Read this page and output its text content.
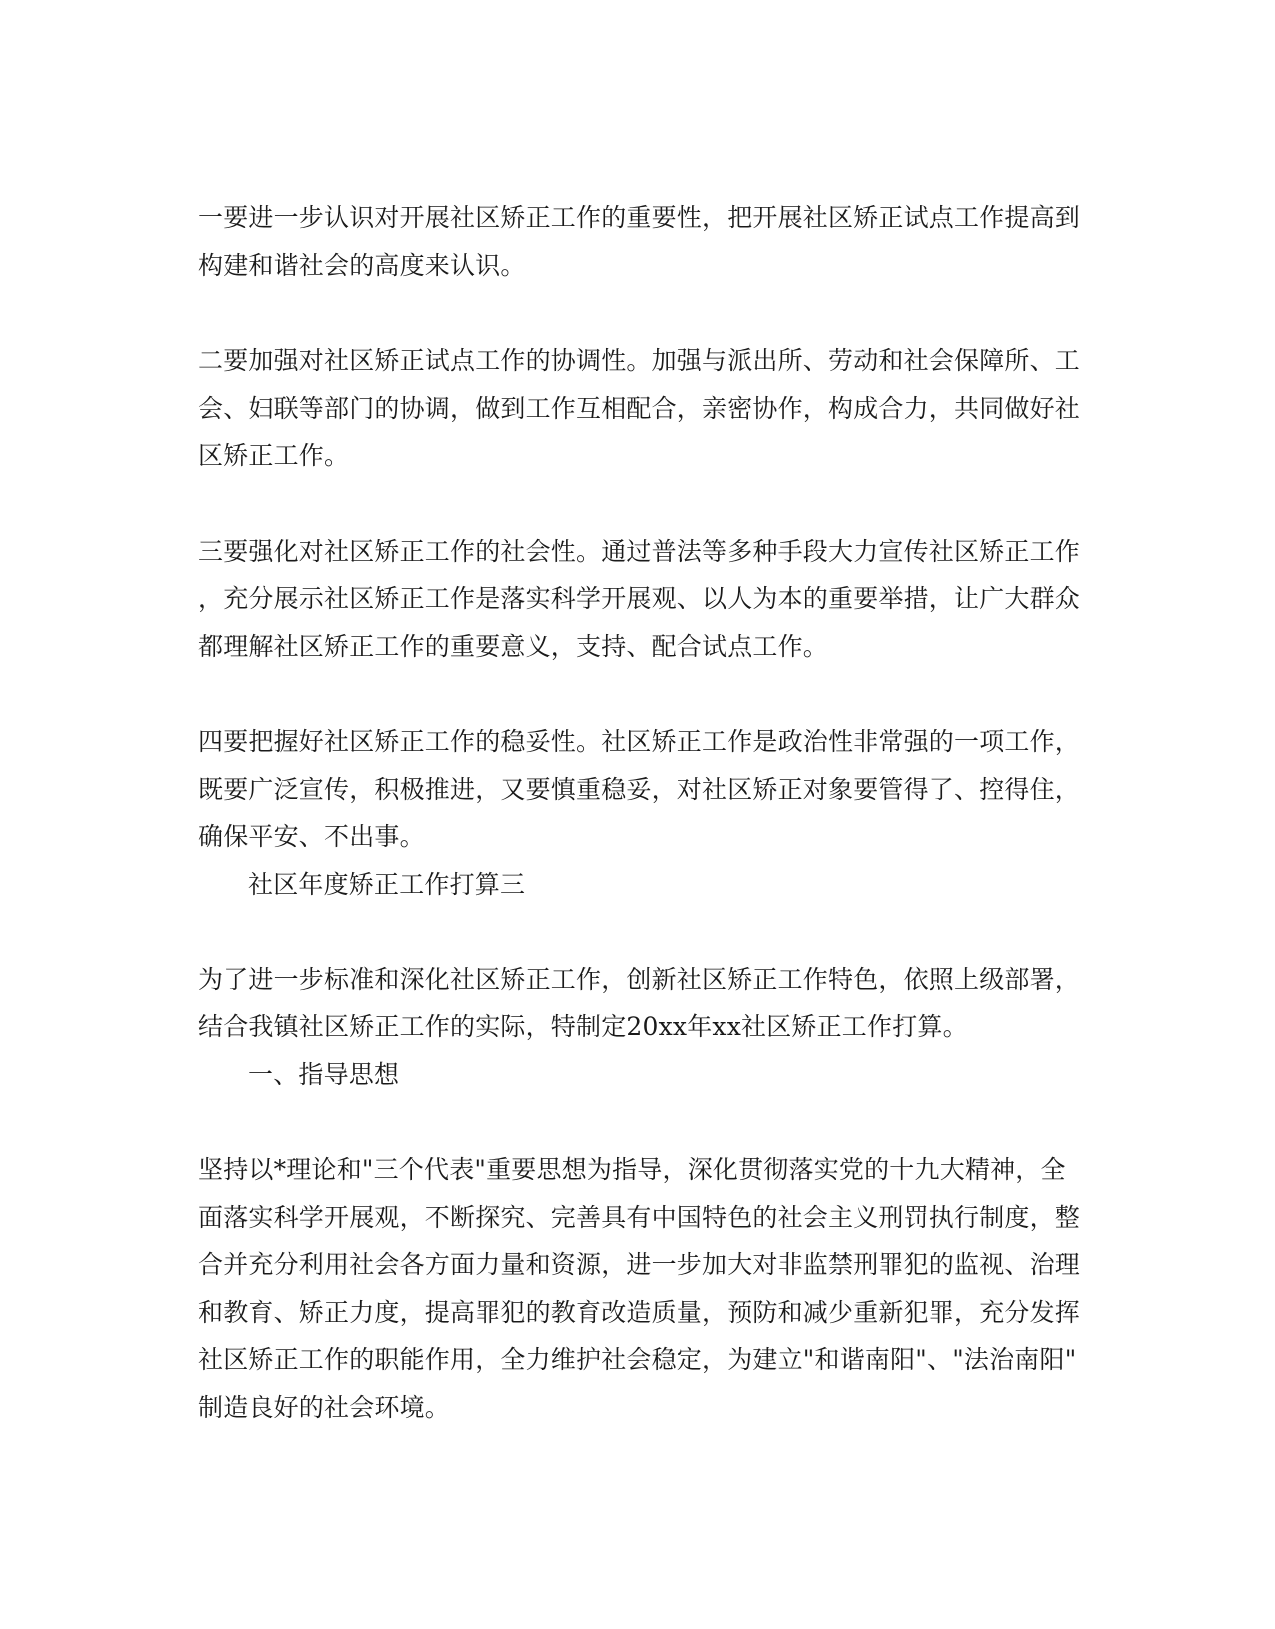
一要进一步认识对开展社区矫正工作的重要性，把开展社区矫正试点工作提高到
构建和谐社会的高度来认识。
二要加强对社区矫正试点工作的协调性。加强与派出所、劳动和社会保障所、工
会、妇联等部门的协调，做到工作互相配合，亲密协作，构成合力，共同做好社
区矫正工作。
三要强化对社区矫正工作的社会性。通过普法等多种手段大力宣传社区矫正工作
，充分展示社区矫正工作是落实科学开展观、以人为本的重要举措，让广大群众
都理解社区矫正工作的重要意义，支持、配合试点工作。
四要把握好社区矫正工作的稳妥性。社区矫正工作是政治性非常强的一项工作，
既要广泛宣传，积极推进，又要慎重稳妥，对社区矫正对象要管得了、控得住，
确保平安、不出事。
社区年度矫正工作打算三
为了进一步标准和深化社区矫正工作，创新社区矫正工作特色，依照上级部署，
结合我镇社区矫正工作的实际，特制定20xx年xx社区矫正工作打算。
一、指导思想
坚持以*理论和"三个代表"重要思想为指导，深化贯彻落实党的十九大精神，全
面落实科学开展观，不断探究、完善具有中国特色的社会主义刑罚执行制度，整
合并充分利用社会各方面力量和资源，进一步加大对非监禁刑罪犯的监视、治理
和教育、矫正力度，提高罪犯的教育改造质量，预防和减少重新犯罪，充分发挥
社区矫正工作的职能作用，全力维护社会稳定，为建立"和谐南阳"、"法治南阳"
制造良好的社会环境。
